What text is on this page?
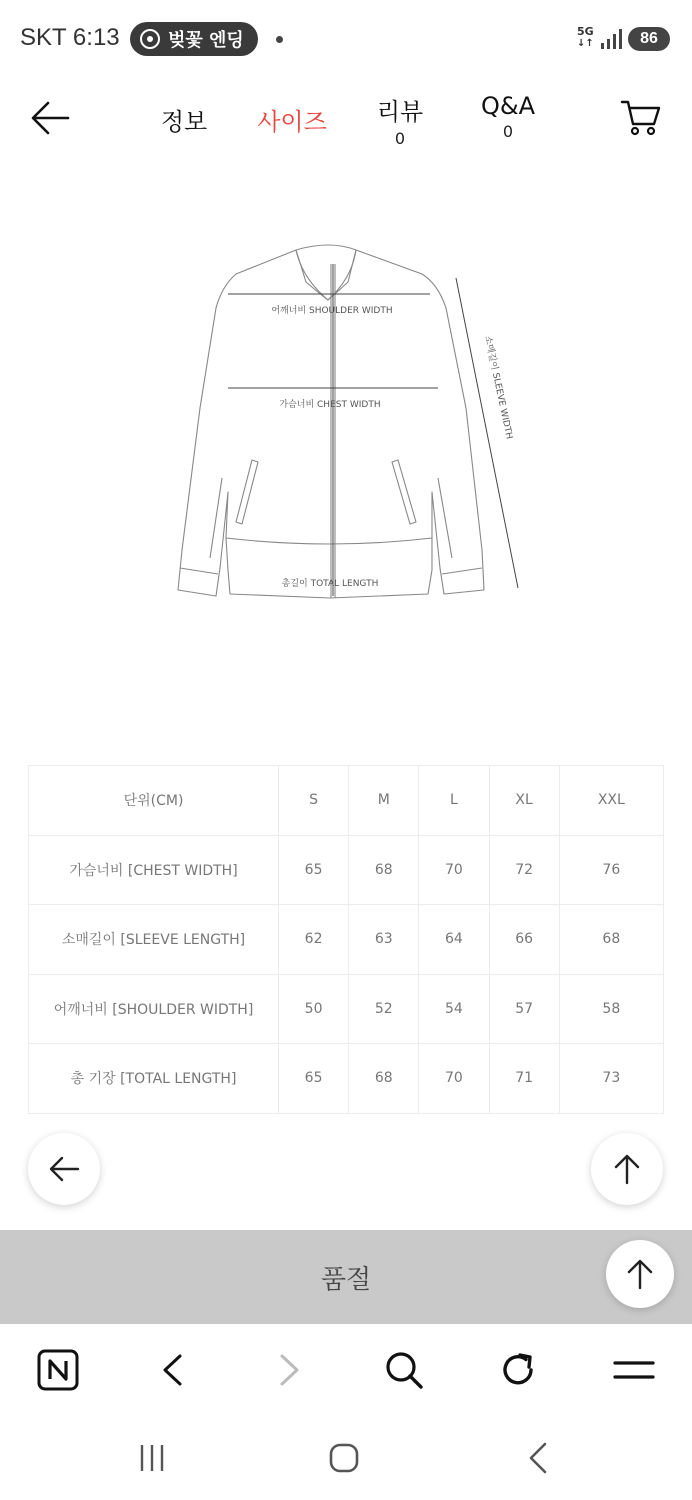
SKT 6:13	벚꽃 엔딩	5G
↓↑	86
정보 사이즈 리뷰
0
Q&A
0
어깨너비 SHOULDER WIDTH
가슴너비 CHEST WIDTH
총길이 TOTAL LENGTH
소매길이 SLEEVE WIDTH
단위(CM)	S	M	L	XL	XXL
가슴너비 [CHEST WIDTH]	65	68	70	72	76
소매길이 [SLEEVE LENGTH]	62	63	64	66	68
어깨너비 [SHOULDER WIDTH]	50	52	54	57	58
총 기장 [TOTAL LENGTH]	65	68	70	71	73
품절
